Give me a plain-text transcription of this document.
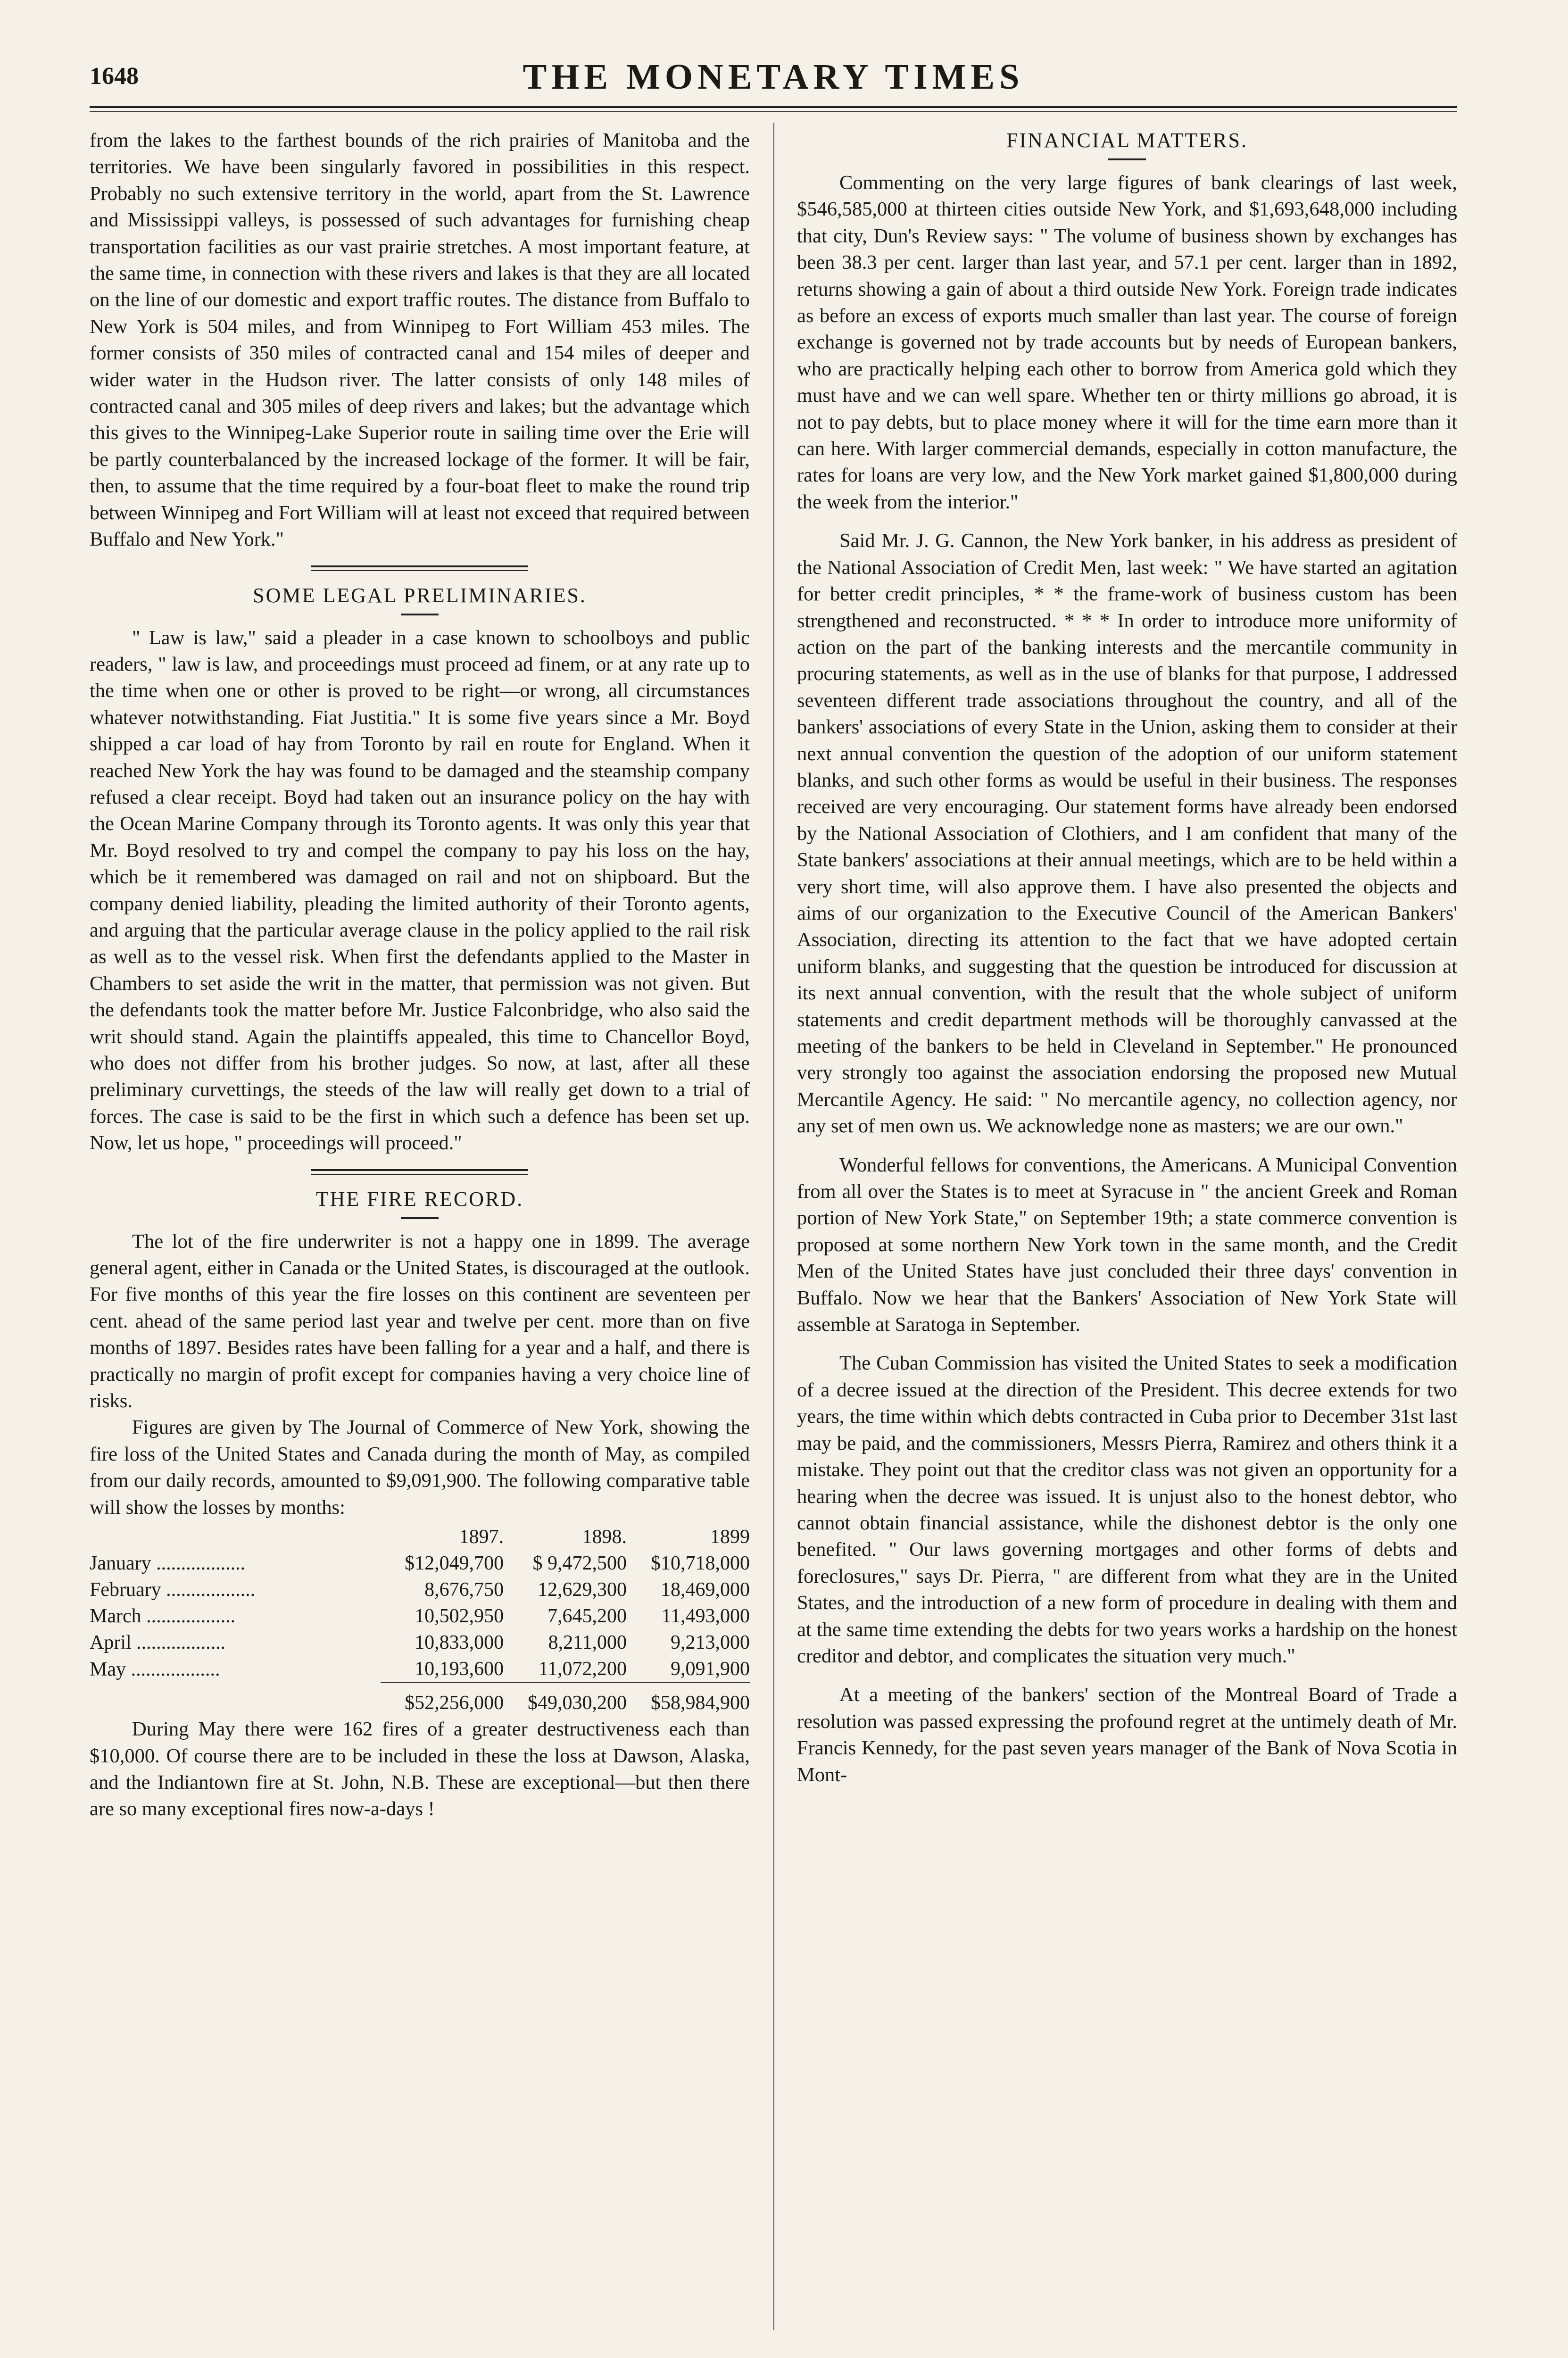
1648	THE MONETARY TIMES

from the lakes to the farthest bounds of the rich prairies of Manitoba and the territories. We have been singularly favored in possibilities in this respect. Probably no such extensive territory in the world, apart from the St. Lawrence and Mississippi valleys, is possessed of such advantages for furnishing cheap transportation facilities as our vast prairie stretches. A most important feature, at the same time, in connection with these rivers and lakes is that they are all located on the line of our domestic and export traffic routes. The distance from Buffalo to New York is 504 miles, and from Winnipeg to Fort William 453 miles. The former consists of 350 miles of contracted canal and 154 miles of deeper and wider water in the Hudson river. The latter consists of only 148 miles of contracted canal and 305 miles of deep rivers and lakes; but the advantage which this gives to the Winnipeg-Lake Superior route in sailing time over the Erie will be partly counterbalanced by the increased lockage of the former. It will be fair, then, to assume that the time required by a four-boat fleet to make the round trip between Winnipeg and Fort William will at least not exceed that required between Buffalo and New York."

SOME LEGAL PRELIMINARIES.

" Law is law," said a pleader in a case known to schoolboys and public readers, " law is law, and proceedings must proceed ad finem, or at any rate up to the time when one or other is proved to be right—or wrong, all circumstances whatever notwithstanding. Fiat Justitia." It is some five years since a Mr. Boyd shipped a car load of hay from Toronto by rail en route for England. When it reached New York the hay was found to be damaged and the steamship company refused a clear receipt. Boyd had taken out an insurance policy on the hay with the Ocean Marine Company through its Toronto agents. It was only this year that Mr. Boyd resolved to try and compel the company to pay his loss on the hay, which be it remembered was damaged on rail and not on shipboard. But the company denied liability, pleading the limited authority of their Toronto agents, and arguing that the particular average clause in the policy applied to the rail risk as well as to the vessel risk. When first the defendants applied to the Master in Chambers to set aside the writ in the matter, that permission was not given. But the defendants took the matter before Mr. Justice Falconbridge, who also said the writ should stand. Again the plaintiffs appealed, this time to Chancellor Boyd, who does not differ from his brother judges. So now, at last, after all these preliminary curvettings, the steeds of the law will really get down to a trial of forces. The case is said to be the first in which such a defence has been set up. Now, let us hope, " proceedings will proceed."

THE FIRE RECORD.

The lot of the fire underwriter is not a happy one in 1899. The average general agent, either in Canada or the United States, is discouraged at the outlook. For five months of this year the fire losses on this continent are seventeen per cent. ahead of the same period last year and twelve per cent. more than on five months of 1897. Besides rates have been falling for a year and a half, and there is practically no margin of profit except for companies having a very choice line of risks.

Figures are given by The Journal of Commerce of New York, showing the fire loss of the United States and Canada during the month of May, as compiled from our daily records, amounted to $9,091,900. The following comparative table will show the losses by months:

	1897.	1898.	1899
January ..................	$12,049,700	$ 9,472,500	$10,718,000
February ..................	8,676,750	12,629,300	18,469,000
March ..................	10,502,950	7,645,200	11,493,000
April ..................	10,833,000	8,211,000	9,213,000
May ..................	10,193,600	11,072,200	9,091,900
	$52,256,000	$49,030,200	$58,984,900

During May there were 162 fires of a greater destructiveness each than $10,000. Of course there are to be included in these the loss at Dawson, Alaska, and the Indiantown fire at St. John, N.B. These are exceptional—but then there are so many exceptional fires now-a-days !

FINANCIAL MATTERS.

Commenting on the very large figures of bank clearings of last week, $546,585,000 at thirteen cities outside New York, and $1,693,648,000 including that city, Dun's Review says: " The volume of business shown by exchanges has been 38.3 per cent. larger than last year, and 57.1 per cent. larger than in 1892, returns showing a gain of about a third outside New York. Foreign trade indicates as before an excess of exports much smaller than last year. The course of foreign exchange is governed not by trade accounts but by needs of European bankers, who are practically helping each other to borrow from America gold which they must have and we can well spare. Whether ten or thirty millions go abroad, it is not to pay debts, but to place money where it will for the time earn more than it can here. With larger commercial demands, especially in cotton manufacture, the rates for loans are very low, and the New York market gained $1,800,000 during the week from the interior."

Said Mr. J. G. Cannon, the New York banker, in his address as president of the National Association of Credit Men, last week: " We have started an agitation for better credit principles, * * the frame-work of business custom has been strengthened and reconstructed. * * * In order to introduce more uniformity of action on the part of the banking interests and the mercantile community in procuring statements, as well as in the use of blanks for that purpose, I addressed seventeen different trade associations throughout the country, and all of the bankers' associations of every State in the Union, asking them to consider at their next annual convention the question of the adoption of our uniform statement blanks, and such other forms as would be useful in their business. The responses received are very encouraging. Our statement forms have already been endorsed by the National Association of Clothiers, and I am confident that many of the State bankers' associations at their annual meetings, which are to be held within a very short time, will also approve them. I have also presented the objects and aims of our organization to the Executive Council of the American Bankers' Association, directing its attention to the fact that we have adopted certain uniform blanks, and suggesting that the question be introduced for discussion at its next annual convention, with the result that the whole subject of uniform statements and credit department methods will be thoroughly canvassed at the meeting of the bankers to be held in Cleveland in September." He pronounced very strongly too against the association endorsing the proposed new Mutual Mercantile Agency. He said: " No mercantile agency, no collection agency, nor any set of men own us. We acknowledge none as masters; we are our own."

Wonderful fellows for conventions, the Americans. A Municipal Convention from all over the States is to meet at Syracuse in " the ancient Greek and Roman portion of New York State," on September 19th; a state commerce convention is proposed at some northern New York town in the same month, and the Credit Men of the United States have just concluded their three days' convention in Buffalo. Now we hear that the Bankers' Association of New York State will assemble at Saratoga in September.

The Cuban Commission has visited the United States to seek a modification of a decree issued at the direction of the President. This decree extends for two years, the time within which debts contracted in Cuba prior to December 31st last may be paid, and the commissioners, Messrs Pierra, Ramirez and others think it a mistake. They point out that the creditor class was not given an opportunity for a hearing when the decree was issued. It is unjust also to the honest debtor, who cannot obtain financial assistance, while the dishonest debtor is the only one benefited. " Our laws governing mortgages and other forms of debts and foreclosures," says Dr. Pierra, " are different from what they are in the United States, and the introduction of a new form of procedure in dealing with them and at the same time extending the debts for two years works a hardship on the honest creditor and debtor, and complicates the situation very much."

At a meeting of the bankers' section of the Montreal Board of Trade a resolution was passed expressing the profound regret at the untimely death of Mr. Francis Kennedy, for the past seven years manager of the Bank of Nova Scotia in Mont-
